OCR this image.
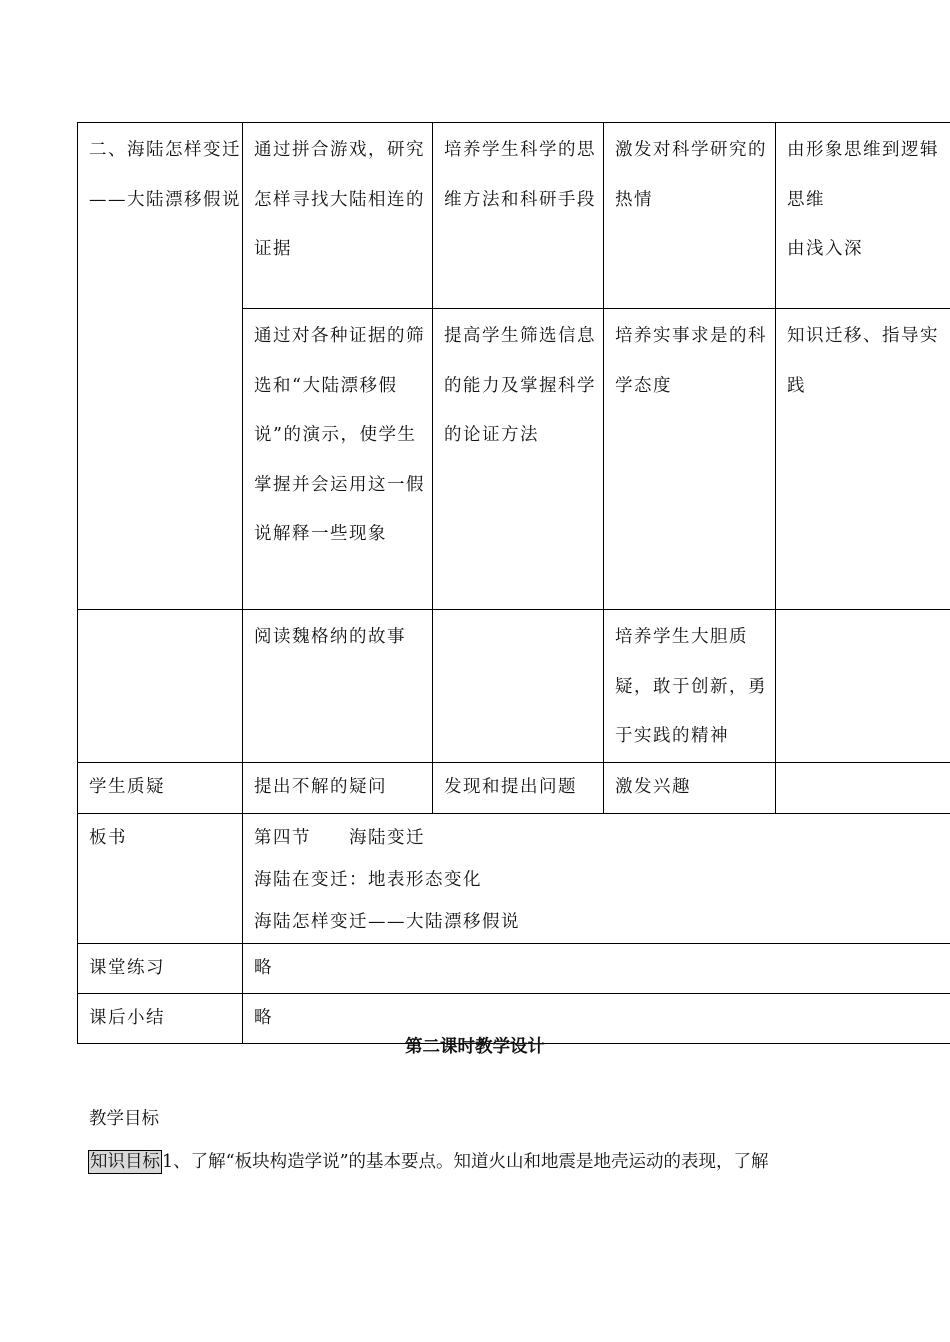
二、海陆怎样变迁——大陆漂移假说	通过拼合游戏，研究怎样寻找大陆相连的证据	培养学生科学的思维方法和科研手段	激发对科学研究的热情	由形象思维到逻辑思维
由浅入深

	通过对各种证据的筛选和“大陆漂移假说”的演示，使学生掌握并会运用这一假说解释一些现象	提高学生筛选信息的能力及掌握科学的论证方法	培养实事求是的科学态度	知识迁移、指导实践
	阅读魏格纳的故事		培养学生大胆质疑，敢于创新，勇于实践的精神	
学生质疑	提出不解的疑问	发现和提出问题	激发兴趣	
板书	第四节　　海陆变迁
海陆在变迁：地表形态变化
海陆怎样变迁——大陆漂移假说			

课堂练习	略			
课后小结	略			
第二课时教学设计
教学目标
知识目标 1、了解“板块构造学说”的基本要点。知道火山和地震是地壳运动的表现，了解
